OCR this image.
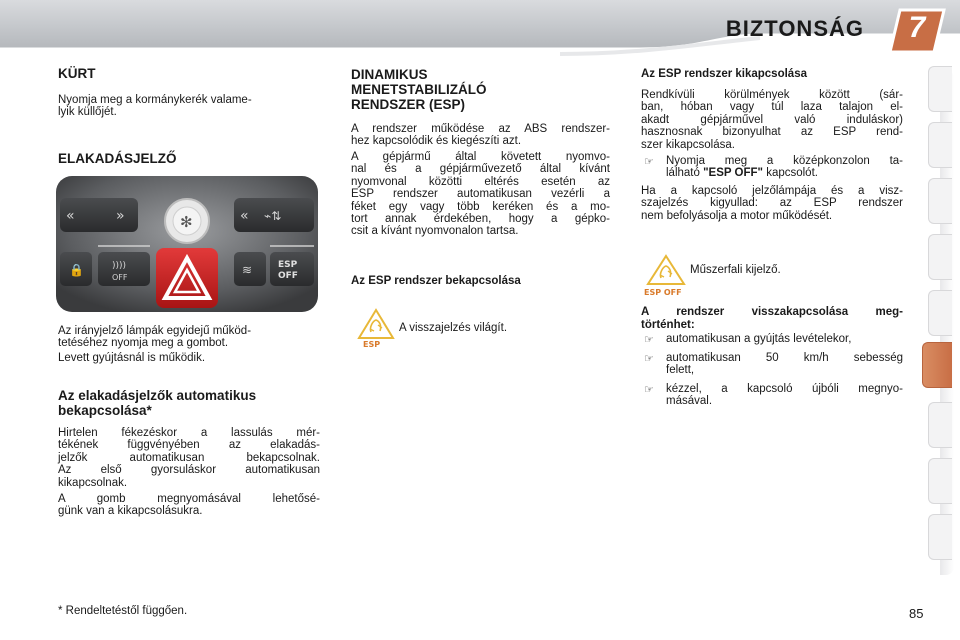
BIZTONSÁG	7
KÜRT
Nyomja meg a kormánykerék valame-
lyik küllőjét.
ELAKADÁSJELZŐ
«	»	« ⌁⇅
✻
🔒	))))
OFF
≋	ESP
OFF
Az irányjelző lámpák egyidejű működ-
tetéséhez nyomja meg a gombot.
Levett gyújtásnál is működik.
Az elakadásjelzők automatikus
bekapcsolása*
Hirtelen fékezéskor a lassulás mér-
tékének függvényében az elakadás-
jelzők automatikusan bekapcsolnak.
Az első gyorsuláskor automatikusan
kikapcsolnak.
A gomb megnyomásával lehetősé-
günk van a kikapcsolásukra.
DINAMIKUS
MENETSTABILIZÁLÓ
RENDSZER (ESP)
A rendszer működése az ABS rendszer-
hez kapcsolódik és kiegészíti azt.
A gépjármű által követett nyomvo-
nal és a gépjárművezető által kívánt
nyomvonal közötti eltérés esetén az
ESP rendszer automatikusan vezérli a
féket egy vagy több keréken és a mo-
tort annak érdekében, hogy a gépko-
csit a kívánt nyomvonalon tartsa.
Az ESP rendszer bekapcsolása
ESP
A visszajelzés világít.
Az ESP rendszer kikapcsolása
Rendkívüli körülmények között (sár-
ban, hóban vagy túl laza talajon el-
akadt gépjárművel való induláskor)
hasznosnak bizonyulhat az ESP rend-
szer kikapcsolása.
☞ Nyomja meg a középkonzolon ta-
lálható "ESP OFF" kapcsolót.
Ha a kapcsoló jelzőlámpája és a visz-
szajelzés kigyullad: az ESP rendszer
nem befolyásolja a motor működését.
ESP OFF
Műszerfali kijelző.
A rendszer visszakapcsolása meg-
történhet:
☞ automatikusan a gyújtás levételekor,
☞ automatikusan 50 km/h sebesség
felett,
☞ kézzel, a kapcsoló újbóli megnyo-
másával.
* Rendeltetéstől függően.	85
